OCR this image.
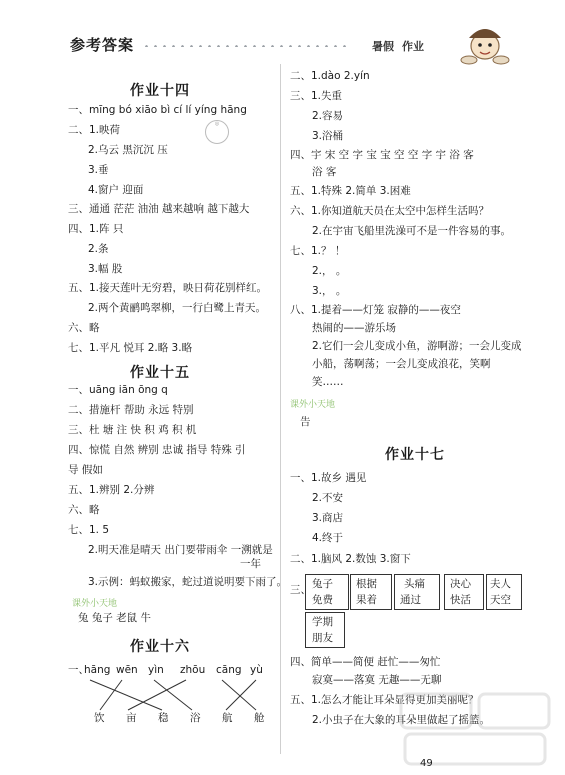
参考答案	暑假 作业
作业十四
◎
一、mīng bó xiāo bì cí lí yíng hāng
二、1.映荷
2.乌云 黑沉沉 压
3.垂
4.窗户 迎面
三、通通 茫茫 油油 越来越响 越下越大
四、1.阵 只
2.条
3.幅 股
五、1.接天莲叶无穷碧，映日荷花别样红。
2.两个黄鹂鸣翠柳，一行白鹭上青天。
六、略
七、1.平凡 悦耳 2.略 3.略
作业十五
一、uāng iān ōng q
二、措施杆 帮助 永远 特别
三、杜 塘 注 快 积 鸡 积 机
四、惊慌 自然 辨别 忠诚 指导 特殊 引
导 假如
五、1.辨别 2.分辨
六、略
七、1. 5
2.明天准是晴天 出门要带雨伞 一溯就是
一年
3.示例：蚂蚁搬家，蛇过道说明要下雨了。
课外小天地
兔 兔子 老鼠 牛
作业十六
一、
hāng wēn yìn zhōu cāng yù
饮 亩 稳 浴 航 舱
二、1.dào 2.yín
三、1.失重
2.容易
3.浴桶
四、宇 宋 空 字 宝 宝 空 空 字 宇 浴 客
浴 客
五、1.特殊 2.简单 3.困难
六、1.你知道航天员在太空中怎样生活吗？
2.在宇宙飞船里洗澡可不是一件容易的事。
七、1.？ ！
2.， 。
3.， 。
八、1.提着——灯笼 寂静的——夜空
热闹的——游乐场
2.它们一会儿变成小鱼，游啊游；一会儿变成
小船，荡啊荡；一会儿变成浪花，笑啊
笑……
课外小天地
告
作业十七
一、1.故乡 遇见
2.不安
3.商店
4.终于
二、1.脑风 2.数蚀 3.窗下
三、 兔子
免费
根据
果着
头痛
通过
决心
快活
夫人
天空
学期
朋友
四、简单——简便 赶忙——匆忙
寂寞——落寞 无趣——无聊
五、1.怎么才能让耳朵显得更加美丽呢？
2.小虫子在大象的耳朵里做起了摇篮。
49
